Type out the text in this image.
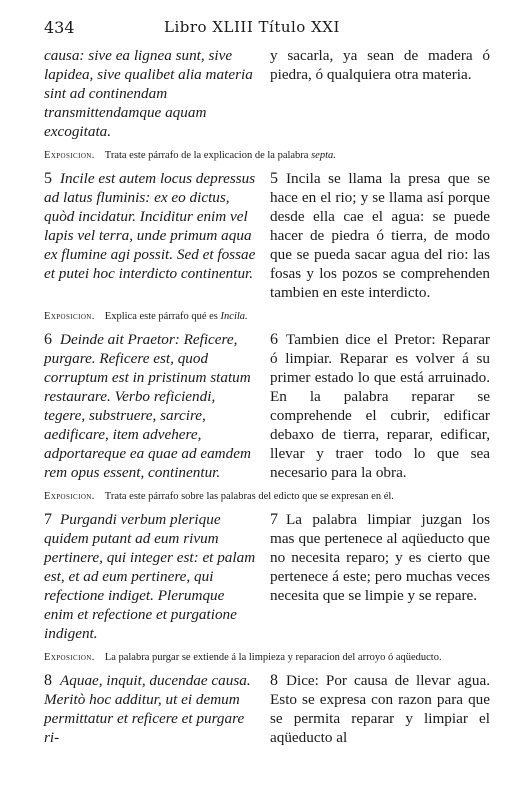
434	Libro XLIII Título XXI
causa: sive ea lignea sunt, sive lapidea, sive qualibet alia materia sint ad continendam transmittendamque aquam excogitata.
y sacarla, ya sean de madera ó piedra, ó qualquiera otra materia.
Exposicion. Trata este párrafo de la explicacion de la palabra septa.
5 Incile est autem locus depressus ad latus fluminis: ex eo dictus, quòd incidatur. Inciditur enim vel lapis vel terra, unde primum aqua ex flumine agi possit. Sed et fossae et putei hoc interdicto continentur.
5 Incila se llama la presa que se hace en el rio; y se llama así porque desde ella cae el agua: se puede hacer de piedra ó tierra, de modo que se pueda sacar agua del rio: las fosas y los pozos se comprehenden tambien en este interdicto.
Exposicion. Explica este párrafo qué es Incila.
6 Deinde ait Praetor: Reficere, purgare. Reficere est, quod corruptum est in pristinum statum restaurare. Verbo reficiendi, tegere, substruere, sarcire, aedificare, item advehere, adportareque ea quae ad eamdem rem opus essent, continentur.
6 Tambien dice el Pretor: Reparar ó limpiar. Reparar es volver á su primer estado lo que está arruinado. En la palabra reparar se comprehende el cubrir, edificar debaxo de tierra, reparar, edificar, llevar y traer todo lo que sea necesario para la obra.
Exposicion. Trata este párrafo sobre las palabras del edicto que se expresan en él.
7 Purgandi verbum plerique quidem putant ad eum rivum pertinere, qui integer est: et palam est, et ad eum pertinere, qui refectione indiget. Plerumque enim et refectione et purgatione indigent.
7 La palabra limpiar juzgan los mas que pertenece al aqüeducto que no necesita reparo; y es cierto que pertenece á este; pero muchas veces necesita que se limpie y se repare.
Exposicion. La palabra purgar se extiende á la limpieza y reparacion del arroyo ó aqüeducto.
8 Aquae, inquit, ducendae causa. Meritò hoc additur, ut ei demum permittatur et reficere et purgare ri-
8 Dice: Por causa de llevar agua. Esto se expresa con razon para que se permita reparar y limpiar el aqüeducto al
